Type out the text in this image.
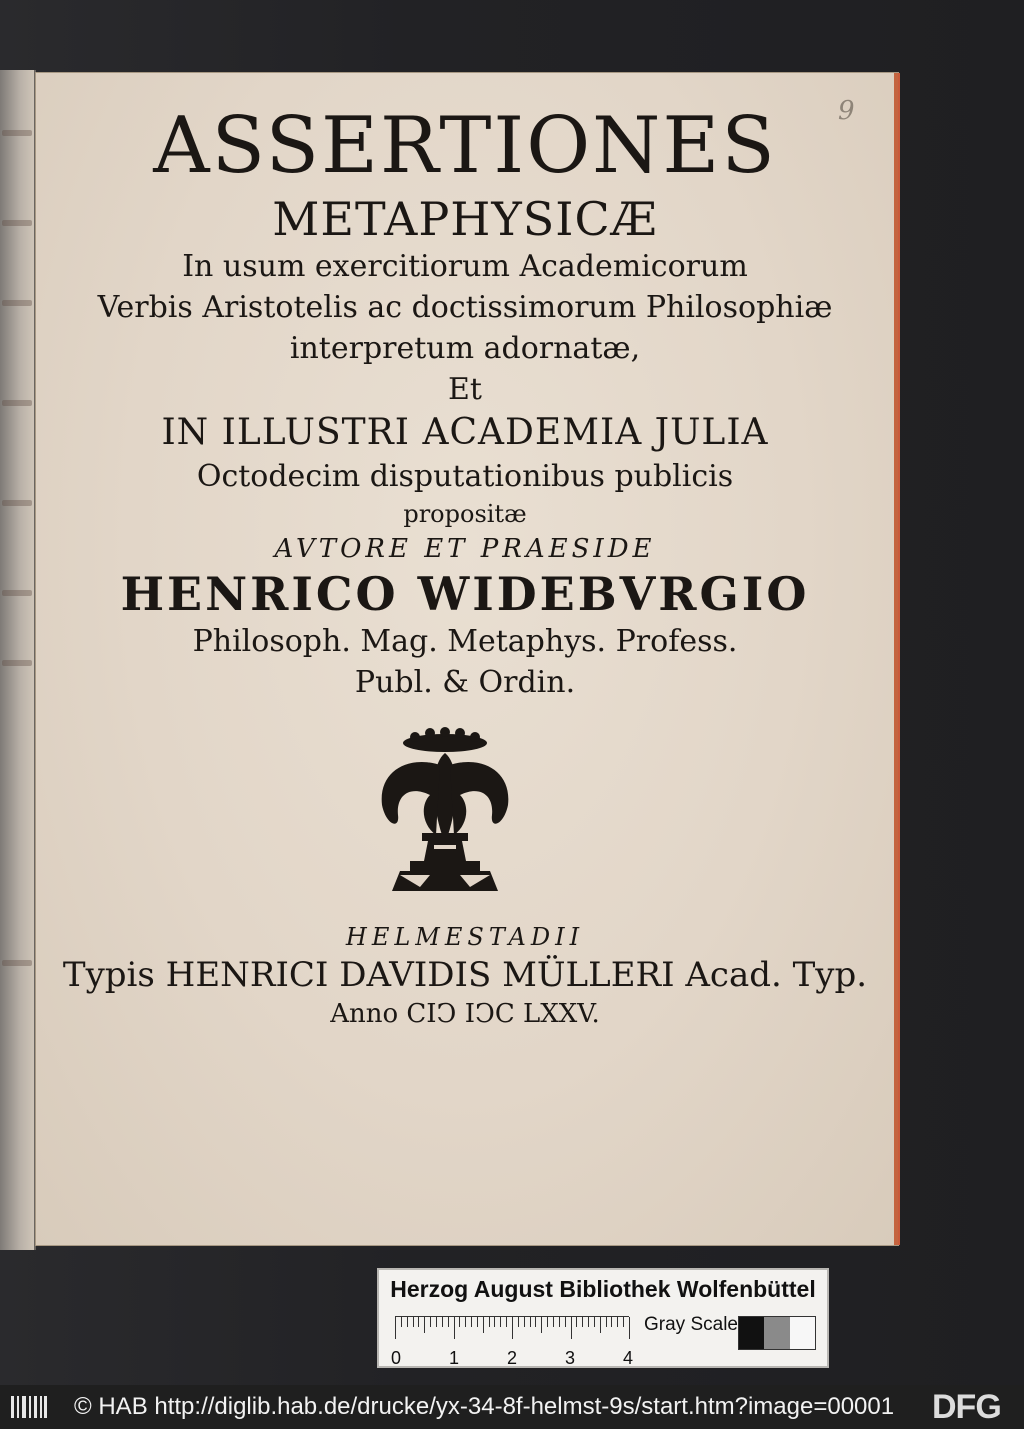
9
ASSERTIONES
METAPHYSICÆ
In usum exercitiorum Academicorum
Verbis Aristotelis ac doctissimorum Philosophiæ
interpretum adornatæ,
Et
IN ILLUSTRI ACADEMIA JULIA
Octodecim disputationibus publicis
propositæ
AVTORE ET PRAESIDE
HENRICO WIDEBVRGIO
Philosoph. Mag. Metaphys. Profess.
Publ. & Ordin.
HELMESTADII
Typis HENRICI DAVIDIS MÜLLERI Acad. Typ.
Anno CIↃ IↃC LXXV.
Herzog August Bibliothek Wolfenbüttel
0	1	2	3	4
Gray Scale
© HAB http://diglib.hab.de/drucke/yx-34-8f-helmst-9s/start.htm?image=00001 DFG
